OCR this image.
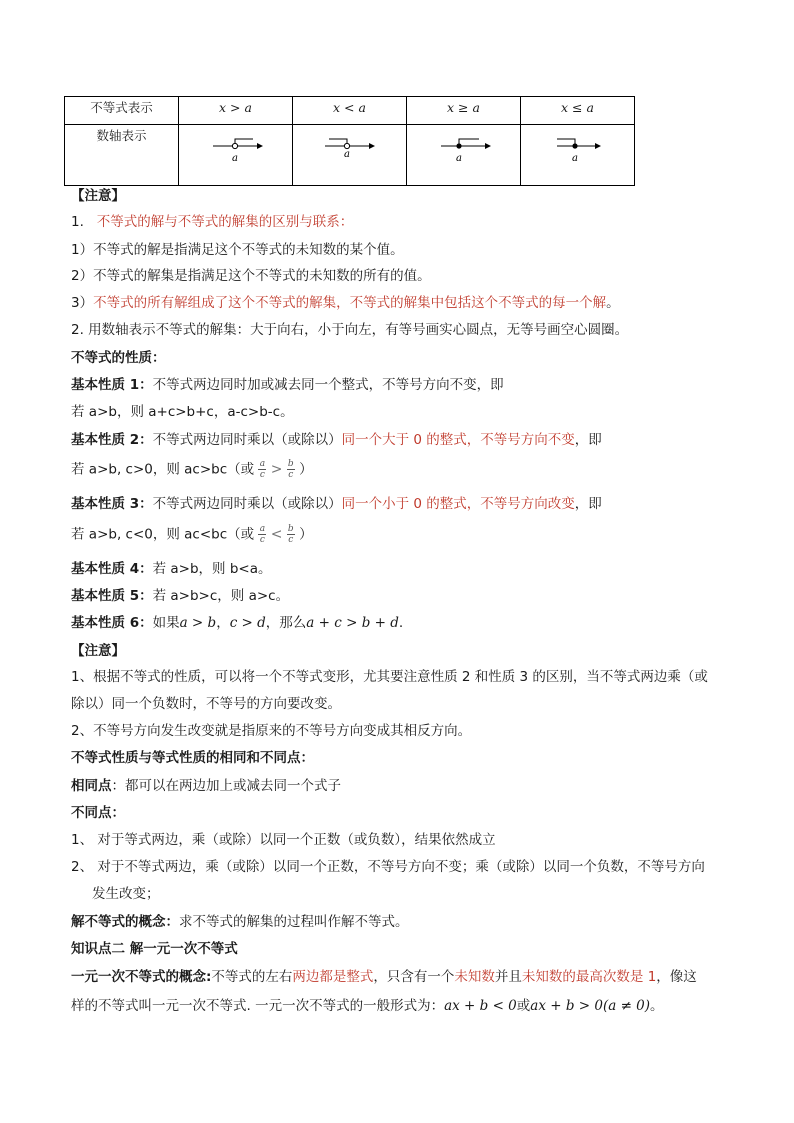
不等式表示	x > a	x < a	x ≥ a	x ≤ a
数轴表示	a	a	a	a
【注意】
1. 不等式的解与不等式的解集的区别与联系：
1）不等式的解是指满足这个不等式的未知数的某个值。
2）不等式的解集是指满足这个不等式的未知数的所有的值。
3）不等式的所有解组成了这个不等式的解集，不等式的解集中包括这个不等式的每一个解。
2. 用数轴表示不等式的解集：大于向右，小于向左，有等号画实心圆点，无等号画空心圆圈。
不等式的性质：
基本性质 1：不等式两边同时加或减去同一个整式，不等号方向不变，即
若 a>b，则 a+c>b+c，a-c>b-c。
基本性质 2：不等式两边同时乘以（或除以）同一个大于 0 的整式，不等号方向不变，即
若 a>b, c>0，则 ac>bc（或 $\frac{a}{c} > \frac{b}{c}$ ）
基本性质 3：不等式两边同时乘以（或除以）同一个小于 0 的整式，不等号方向改变，即
若 a>b, c<0，则 ac<bc（或 $\frac{a}{c} < \frac{b}{c}$ ）
基本性质 4：若 a>b，则 b<a。
基本性质 5：若 a>b>c，则 a>c。
基本性质 6：如果a > b，c > d，那么a + c > b + d.
【注意】
1、根据不等式的性质，可以将一个不等式变形，尤其要注意性质 2 和性质 3 的区别，当不等式两边乘（或
除以）同一个负数时，不等号的方向要改变。
2、不等号方向发生改变就是指原来的不等号方向变成其相反方向。
不等式性质与等式性质的相同和不同点：
相同点：都可以在两边加上或减去同一个式子
不同点：
1、 对于等式两边，乘（或除）以同一个正数（或负数），结果依然成立
2、 对于不等式两边，乘（或除）以同一个正数，不等号方向不变；乘（或除）以同一个负数，不等号方向
发生改变；
解不等式的概念：求不等式的解集的过程叫作解不等式。
知识点二 解一元一次不等式
一元一次不等式的概念:不等式的左右两边都是整式，只含有一个未知数并且未知数的最高次数是 1，像这
样的不等式叫一元一次不等式. 一元一次不等式的一般形式为：ax + b < 0或ax + b > 0(a ≠ 0)。
